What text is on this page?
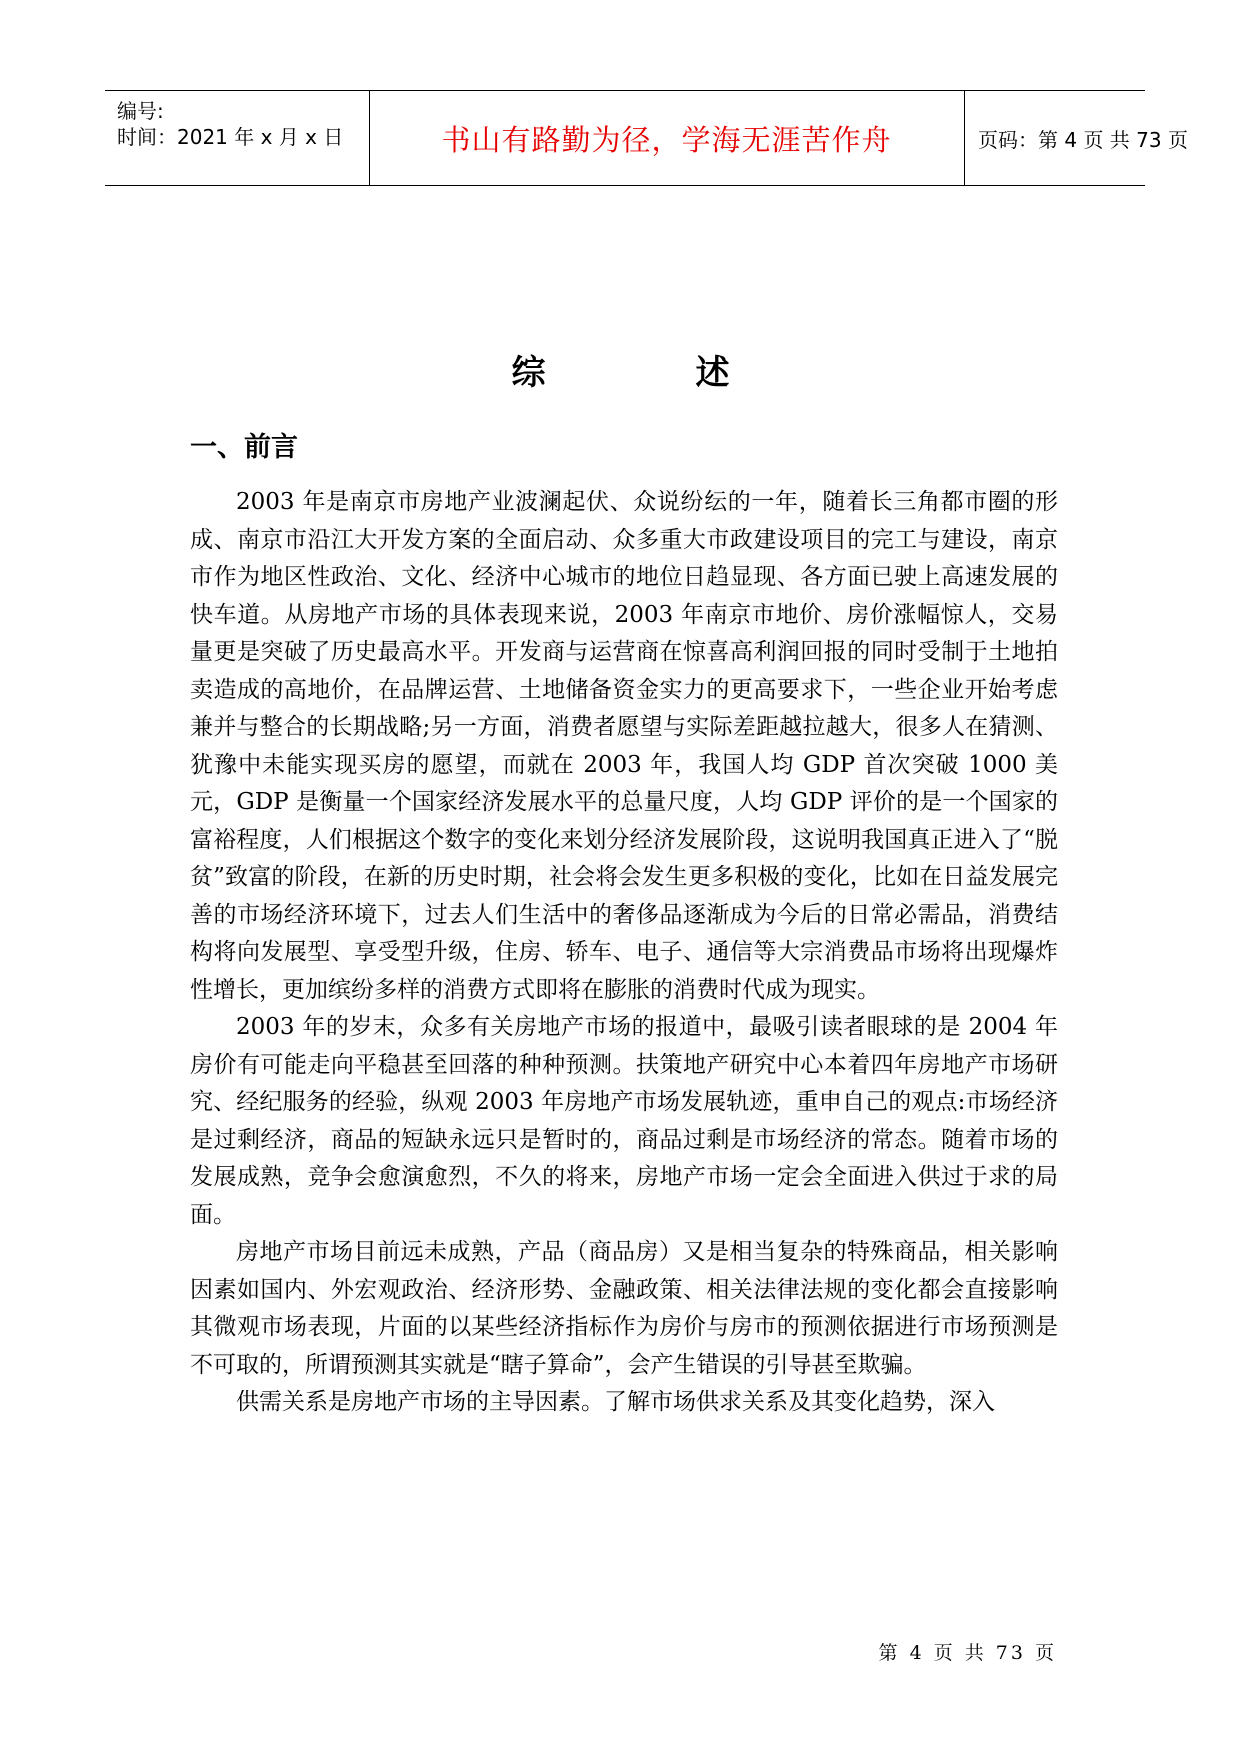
编号:
时间：2021 年 x 月 x 日	书山有路勤为径，学海无涯苦作舟	页码：第 4 页 共 73 页
综	述
一、前言

2003 年是南京市房地产业波澜起伏、众说纷纭的一年，随着长三角都市圈的形成、南京市沿江大开发方案的全面启动、众多重大市政建设项目的完工与建设，南京市作为地区性政治、文化、经济中心城市的地位日趋显现、各方面已驶上高速发展的快车道。从房地产市场的具体表现来说，2003 年南京市地价、房价涨幅惊人，交易量更是突破了历史最高水平。开发商与运营商在惊喜高利润回报的同时受制于土地拍卖造成的高地价，在品牌运营、土地储备资金实力的更高要求下，一些企业开始考虑兼并与整合的长期战略;另一方面，消费者愿望与实际差距越拉越大，很多人在猜测、犹豫中未能实现买房的愿望，而就在 2003 年，我国人均 GDP 首次突破 1000 美元，GDP 是衡量一个国家经济发展水平的总量尺度，人均 GDP 评价的是一个国家的富裕程度，人们根据这个数字的变化来划分经济发展阶段，这说明我国真正进入了“脱贫”致富的阶段，在新的历史时期，社会将会发生更多积极的变化，比如在日益发展完善的市场经济环境下，过去人们生活中的奢侈品逐渐成为今后的日常必需品，消费结构将向发展型、享受型升级，住房、轿车、电子、通信等大宗消费品市场将出现爆炸性增长，更加缤纷多样的消费方式即将在膨胀的消费时代成为现实。

2003 年的岁末，众多有关房地产市场的报道中，最吸引读者眼球的是 2004 年房价有可能走向平稳甚至回落的种种预测。扶策地产研究中心本着四年房地产市场研究、经纪服务的经验，纵观 2003 年房地产市场发展轨迹，重申自己的观点:市场经济是过剩经济，商品的短缺永远只是暂时的，商品过剩是市场经济的常态。随着市场的发展成熟，竞争会愈演愈烈，不久的将来，房地产市场一定会全面进入供过于求的局面。

房地产市场目前远未成熟，产品（商品房）又是相当复杂的特殊商品，相关影响因素如国内、外宏观政治、经济形势、金融政策、相关法律法规的变化都会直接影响其微观市场表现，片面的以某些经济指标作为房价与房市的预测依据进行市场预测是不可取的，所谓预测其实就是“瞎子算命”，会产生错误的引导甚至欺骗。

供需关系是房地产市场的主导因素。了解市场供求关系及其变化趋势，深入

第 4 页 共 73 页
